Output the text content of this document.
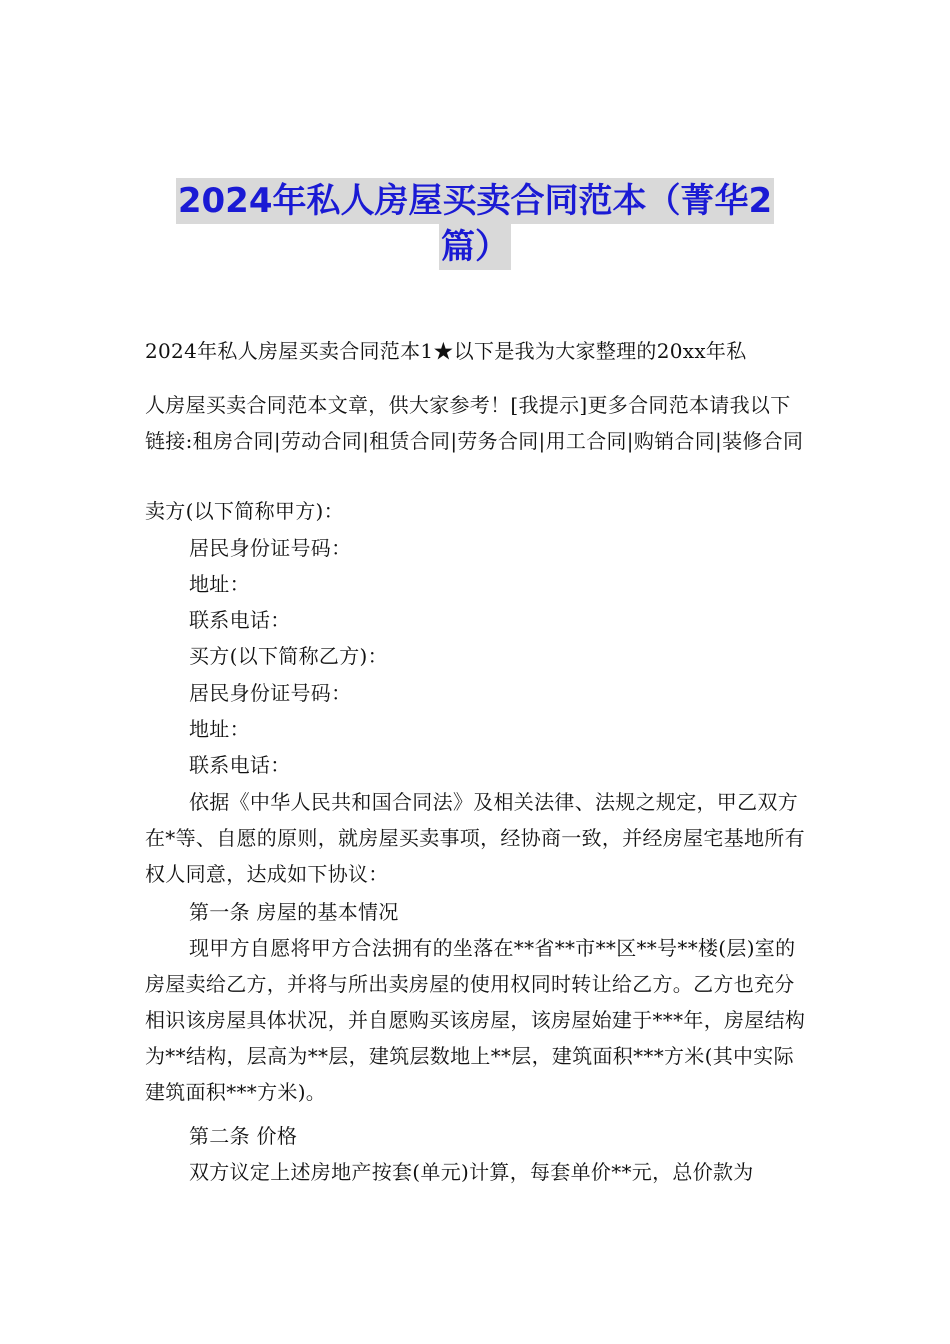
2024年私人房屋买卖合同范本（菁华2
篇）
2024年私人房屋买卖合同范本1★以下是我为大家整理的20xx年私
人房屋买卖合同范本文章，供大家参考！[我提示]更多合同范本请我以下链接:租房合同|劳动合同|租赁合同|劳务合同|用工合同|购销合同|装修合同
卖方(以下简称甲方)：
居民身份证号码：
地址：
联系电话：
买方(以下简称乙方)：
居民身份证号码：
地址：
联系电话：
依据《中华人民共和国合同法》及相关法律、法规之规定，甲乙双方在*等、自愿的原则，就房屋买卖事项，经协商一致，并经房屋宅基地所有权人同意，达成如下协议：
第一条 房屋的基本情况
现甲方自愿将甲方合法拥有的坐落在**省**市**区**号**楼(层)室的房屋卖给乙方，并将与所出卖房屋的使用权同时转让给乙方。乙方也充分相识该房屋具体状况，并自愿购买该房屋，该房屋始建于***年，房屋结构为**结构，层高为**层，建筑层数地上**层，建筑面积***方米(其中实际建筑面积***方米)。
第二条 价格
双方议定上述房地产按套(单元)计算，每套单价**元，总价款为
